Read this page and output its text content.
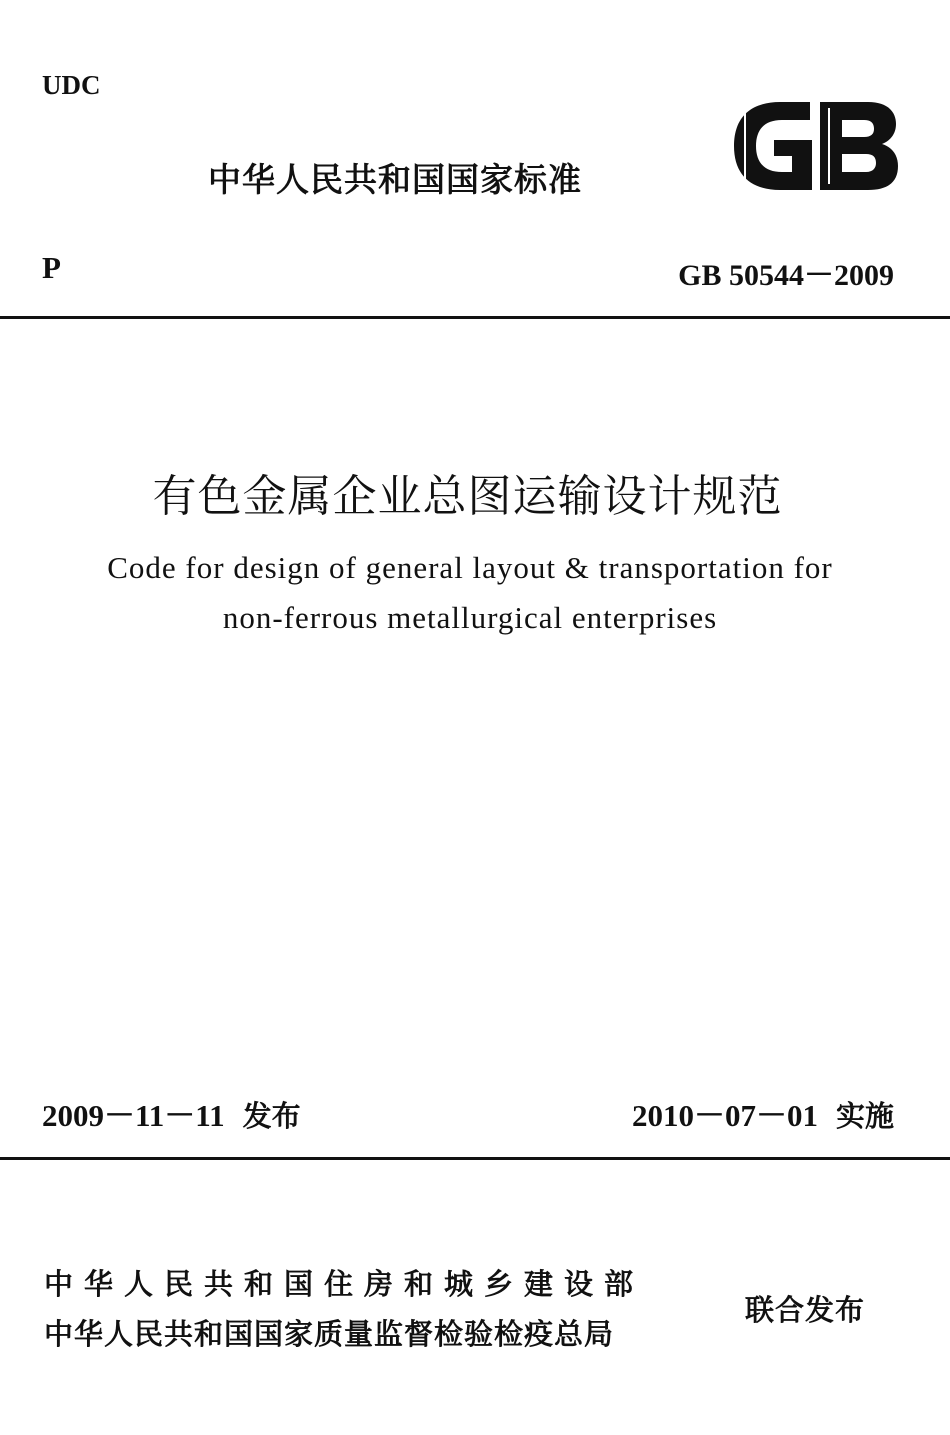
UDC
中华人民共和国国家标准
P	GB 50544－2009
有色金属企业总图运输设计规范
Code for design of general layout & transportation for
non-ferrous metallurgical enterprises
2009－11－11 发布	2010－07－01 实施
中华人民共和国住房和城乡建设部
中华人民共和国国家质量监督检验检疫总局
联合发布
